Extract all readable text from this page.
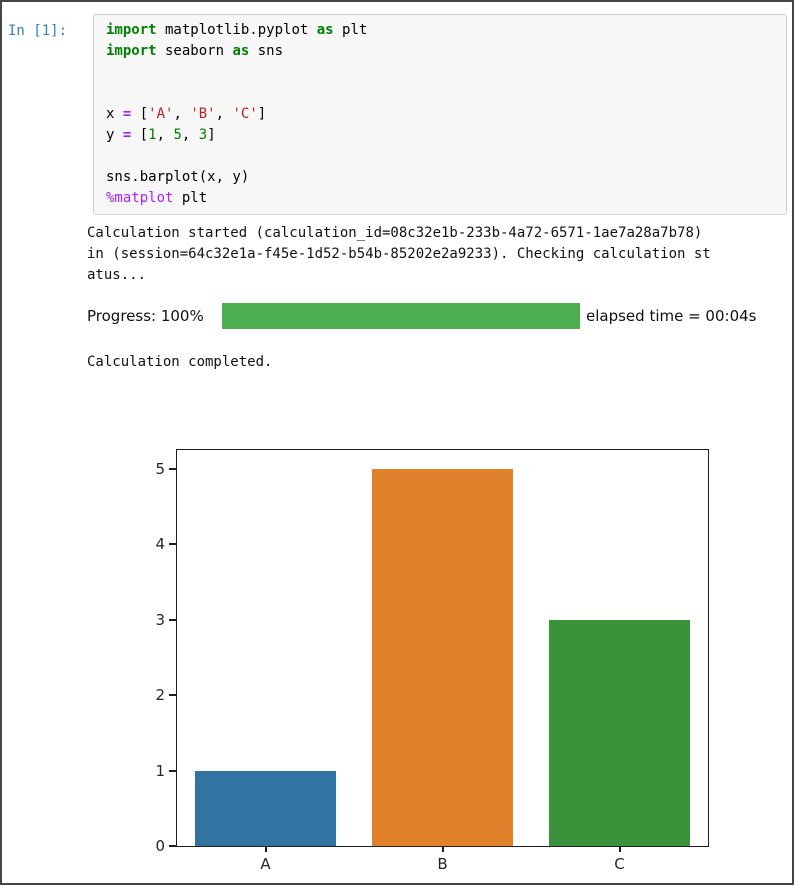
In [1]:	import matplotlib.pyplot as plt
import seaborn as sns

x = ['A', 'B', 'C']
y = [1, 5, 3]

sns.barplot(x, y)
%matplot plt
Calculation started (calculation_id=08c32e1b-233b-4a72-6571-1ae7a28a7b78)
in (session=64c32e1a-f45e-1d52-b54b-85202e2a9233). Checking calculation st
atus...
Progress: 100%	elapsed time = 00:04s
Calculation completed.
0
1
2
3
4
5
A	B	C
